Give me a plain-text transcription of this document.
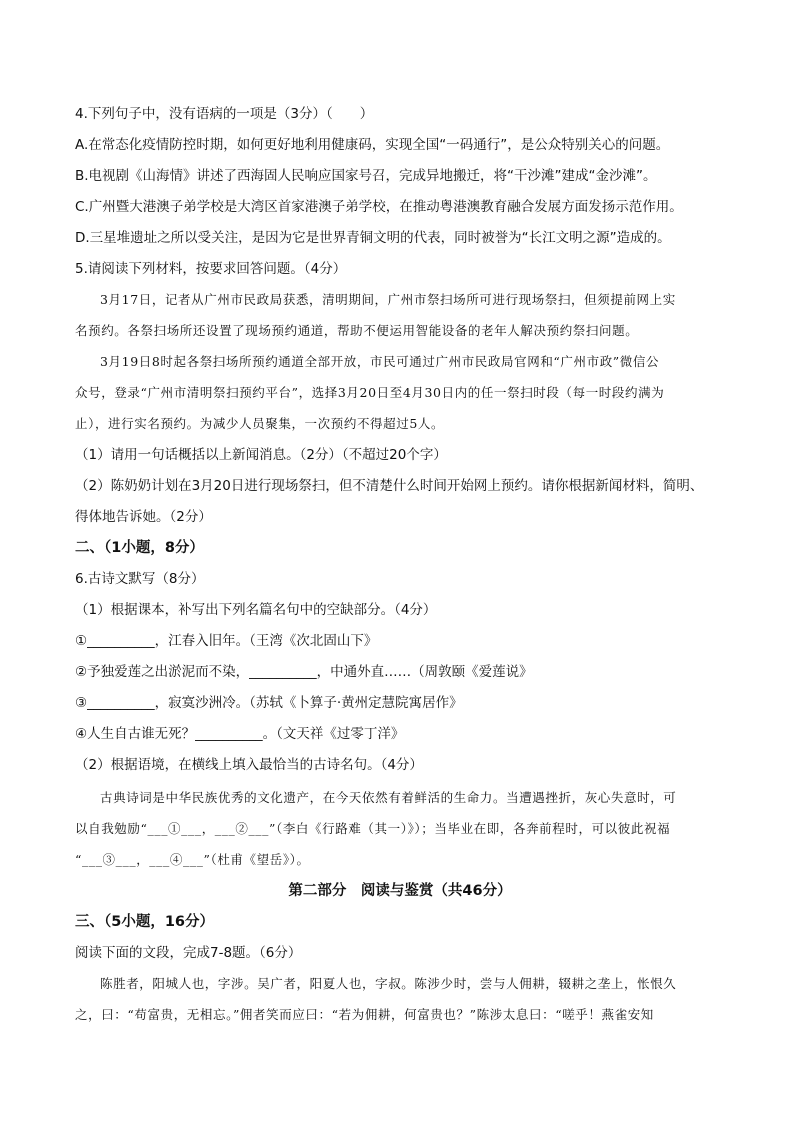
4.下列句子中，没有语病的一项是（3分）（　　）
A.在常态化疫情防控时期，如何更好地利用健康码，实现全国“一码通行”，是公众特别关心的问题。
B.电视剧《山海情》讲述了西海固人民响应国家号召，完成异地搬迁，将“干沙滩”建成“金沙滩”。
C.广州暨大港澳子弟学校是大湾区首家港澳子弟学校，在推动粤港澳教育融合发展方面发扬示范作用。
D.三星堆遗址之所以受关注，是因为它是世界青铜文明的代表，同时被誉为“长江文明之源”造成的。
5.请阅读下列材料，按要求回答问题。（4分）
3月17日，记者从广州市民政局获悉，清明期间，广州市祭扫场所可进行现场祭扫，但须提前网上实
名预约。各祭扫场所还设置了现场预约通道，帮助不便运用智能设备的老年人解决预约祭扫问题。
3月19日8时起各祭扫场所预约通道全部开放，市民可通过广州市民政局官网和“广州市政”微信公
众号，登录“广州市清明祭扫预约平台”，选择3月20日至4月30日内的任一祭扫时段（每一时段约满为
止），进行实名预约。为减少人员聚集，一次预约不得超过5人。
（1）请用一句话概括以上新闻消息。（2分）（不超过20个字）
（2）陈奶奶计划在3月20日进行现场祭扫，但不清楚什么时间开始网上预约。请你根据新闻材料，简明、
得体地告诉她。（2分）
二、（1小题，8分）
6.古诗文默写（8分）
（1）根据课本，补写出下列名篇名句中的空缺部分。（4分）
①__________，江春入旧年。（王湾《次北固山下》
②予独爱莲之出淤泥而不染，__________，中通外直……（周敦颐《爱莲说》
③__________，寂寞沙洲冷。（苏轼《卜算子·黄州定慧院寓居作》
④人生自古谁无死？__________。（文天祥《过零丁洋》
（2）根据语境，在横线上填入最恰当的古诗名句。（4分）
古典诗词是中华民族优秀的文化遗产，在今天依然有着鲜活的生命力。当遭遇挫折，灰心失意时，可
以自我勉励“___①___，___②___”（李白《行路难（其一）》）；当毕业在即，各奔前程时，可以彼此祝福
“___③___，___④___”（杜甫《望岳》）。
第二部分　阅读与鉴赏（共46分）
三、（5小题，16分）
阅读下面的文段，完成7-8题。（6分）
陈胜者，阳城人也，字涉。吴广者，阳夏人也，字叔。陈涉少时，尝与人佣耕，辍耕之垄上，怅恨久
之，曰：“苟富贵，无相忘。”佣者笑而应曰：“若为佣耕，何富贵也？”陈涉太息曰：“嗟乎！燕雀安知
